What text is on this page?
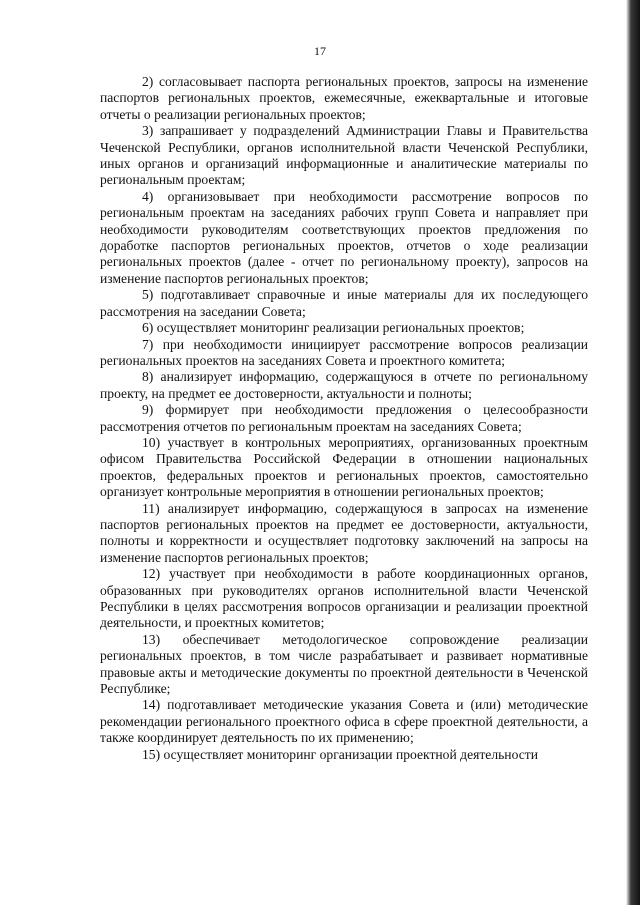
17

2) согласовывает паспорта региональных проектов, запросы на изменение паспортов региональных проектов, ежемесячные, ежеквартальные и итоговые отчеты о реализации региональных проектов;

3) запрашивает у подразделений Администрации Главы и Правительства Чеченской Республики, органов исполнительной власти Чеченской Республики, иных органов и организаций информационные и аналитические материалы по региональным проектам;

4) организовывает при необходимости рассмотрение вопросов по региональным проектам на заседаниях рабочих групп Совета и направляет при необходимости руководителям соответствующих проектов предложения по доработке паспортов региональных проектов, отчетов о ходе реализации региональных проектов (далее - отчет по региональному проекту), запросов на изменение паспортов региональных проектов;

5) подготавливает справочные и иные материалы для их последующего рассмотрения на заседании Совета;

6) осуществляет мониторинг реализации региональных проектов;

7) при необходимости инициирует рассмотрение вопросов реализации региональных проектов на заседаниях Совета и проектного комитета;

8) анализирует информацию, содержащуюся в отчете по региональному проекту, на предмет ее достоверности, актуальности и полноты;

9) формирует при необходимости предложения о целесообразности рассмотрения отчетов по региональным проектам на заседаниях Совета;

10) участвует в контрольных мероприятиях, организованных проектным офисом Правительства Российской Федерации в отношении национальных проектов, федеральных проектов и региональных проектов, самостоятельно организует контрольные мероприятия в отношении региональных проектов;

11) анализирует информацию, содержащуюся в запросах на изменение паспортов региональных проектов на предмет ее достоверности, актуальности, полноты и корректности и осуществляет подготовку заключений на запросы на изменение паспортов региональных проектов;

12) участвует при необходимости в работе координационных органов, образованных при руководителях органов исполнительной власти Чеченской Республики в целях рассмотрения вопросов организации и реализации проектной деятельности, и проектных комитетов;

13) обеспечивает методологическое сопровождение реализации региональных проектов, в том числе разрабатывает и развивает нормативные правовые акты и методические документы по проектной деятельности в Чеченской Республике;

14) подготавливает методические указания Совета и (или) методические рекомендации регионального проектного офиса в сфере проектной деятельности, а также координирует деятельность по их применению;

15) осуществляет мониторинг организации проектной деятельности
